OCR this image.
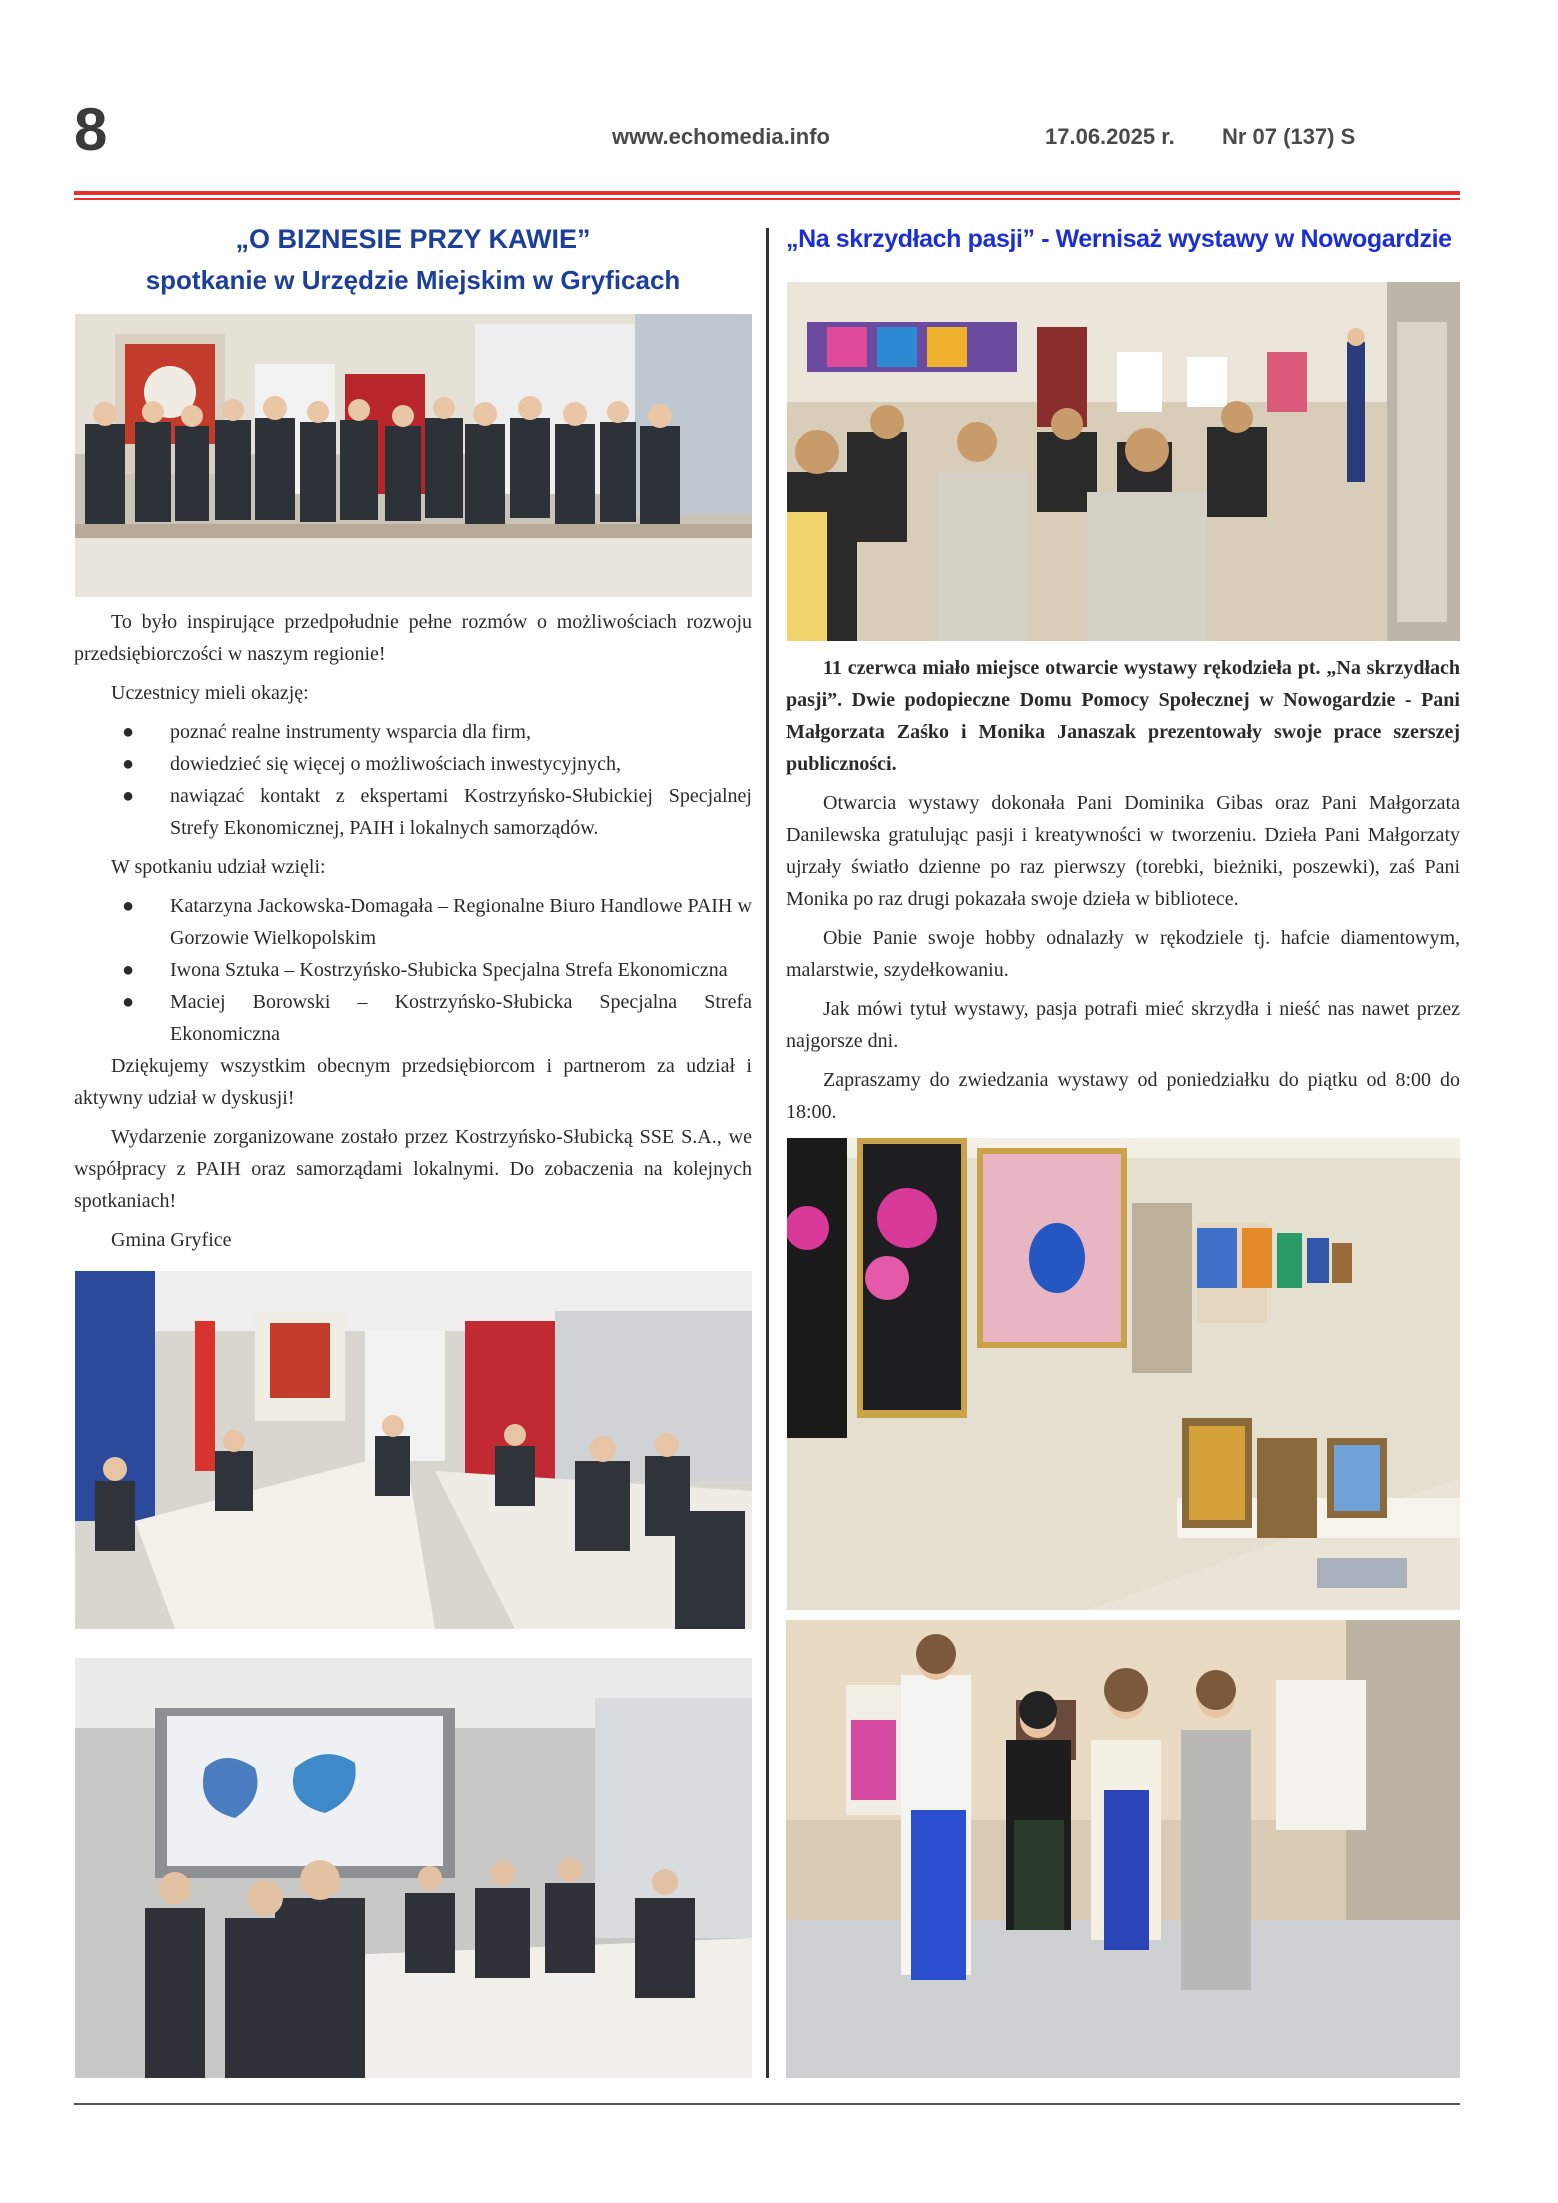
8	www.echomedia.info	17.06.2025 r. Nr 07 (137) S
„O BIZNESIE PRZY KAWIE”
spotkanie w Urzędzie Miejskim w Gryficach

To było inspirujące przedpołudnie pełne rozmów o możliwościach rozwoju przedsiębiorczości w naszym regionie!

Uczestnicy mieli okazję:

● poznać realne instrumenty wsparcia dla firm,
● dowiedzieć się więcej o możliwościach inwestycyjnych,
● nawiązać kontakt z ekspertami Kostrzyńsko-Słubickiej Specjalnej Strefy Ekonomicznej, PAIH i lokalnych samorządów.

W spotkaniu udział wzięli:

● Katarzyna Jackowska-Domagała – Regionalne Biuro Handlowe PAIH w Gorzowie Wielkopolskim
● Iwona Sztuka – Kostrzyńsko-Słubicka Specjalna Strefa Ekonomiczna
● Maciej Borowski – Kostrzyńsko-Słubicka Specjalna Strefa Ekonomiczna

Dziękujemy wszystkim obecnym przedsiębiorcom i partnerom za udział i aktywny udział w dyskusji!

Wydarzenie zorganizowane zostało przez Kostrzyńsko-Słubicką SSE S.A., we współpracy z PAIH oraz samorządami lokalnymi. Do zobaczenia na kolejnych spotkaniach!

Gmina Gryfice

„Na skrzydłach pasji” - Wernisaż wystawy w Nowogardzie

11 czerwca miało miejsce otwarcie wystawy rękodzieła pt. „Na skrzydłach pasji”. Dwie podopieczne Domu Pomocy Społecznej w Nowogardzie - Pani Małgorzata Zaśko i Monika Janaszak prezentowały swoje prace szerszej publiczności.

Otwarcia wystawy dokonała Pani Dominika Gibas oraz Pani Małgorzata Danilewska gratulując pasji i kreatywności w tworzeniu. Dzieła Pani Małgorzaty ujrzały światło dzienne po raz pierwszy (torebki, bieżniki, poszewki), zaś Pani Monika po raz drugi pokazała swoje dzieła w bibliotece.

Obie Panie swoje hobby odnalazły w rękodziele tj. hafcie diamentowym, malarstwie, szydełkowaniu.

Jak mówi tytuł wystawy, pasja potrafi mieć skrzydła i nieść nas nawet przez najgorsze dni.

Zapraszamy do zwiedzania wystawy od poniedziałku do piątku od 8:00 do 18:00.
